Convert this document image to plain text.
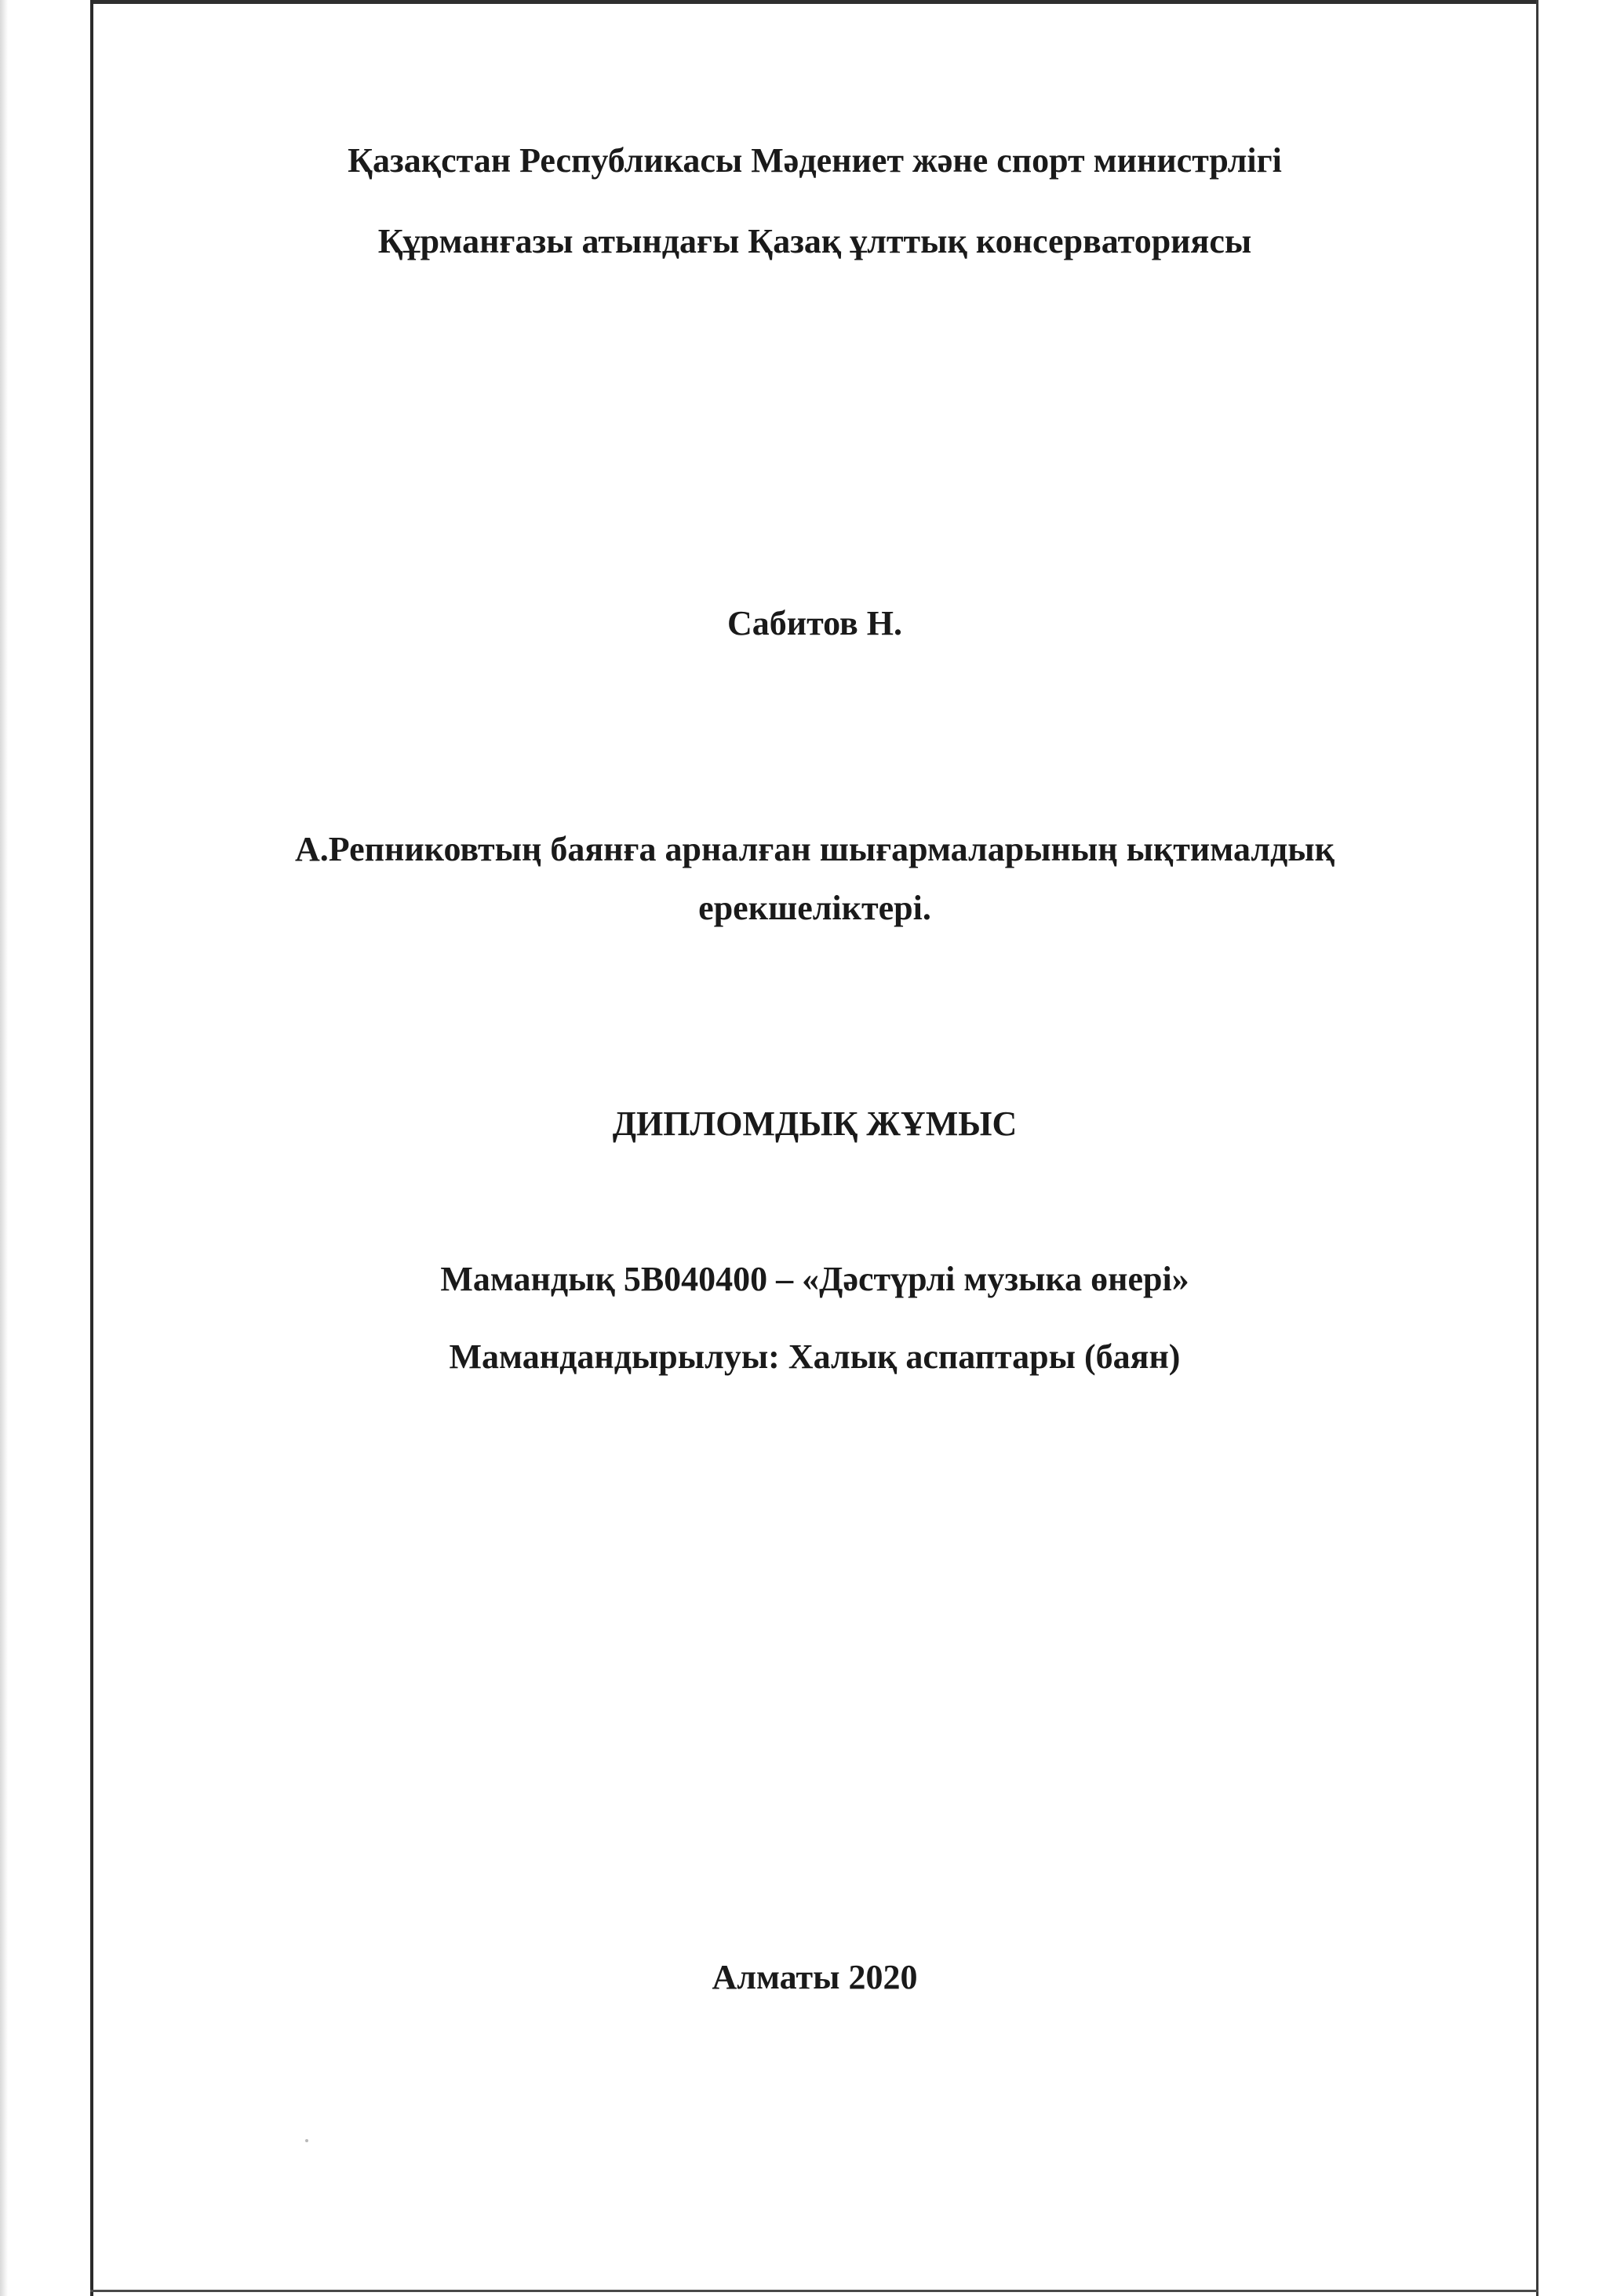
Қазақстан Республикасы Мәдениет және спорт министрлігі
Құрманғазы атындағы Қазақ ұлттық консерваториясы
Сабитов Н.
А.Репниковтың баянға арналған шығармаларының ықтималдық
ерекшеліктері.
ДИПЛОМДЫҚ ЖҰМЫС
Мамандық 5В040400 – «Дәстүрлі музыка өнері»
Мамандандырылуы: Халық аспаптары (баян)
Алматы 2020
